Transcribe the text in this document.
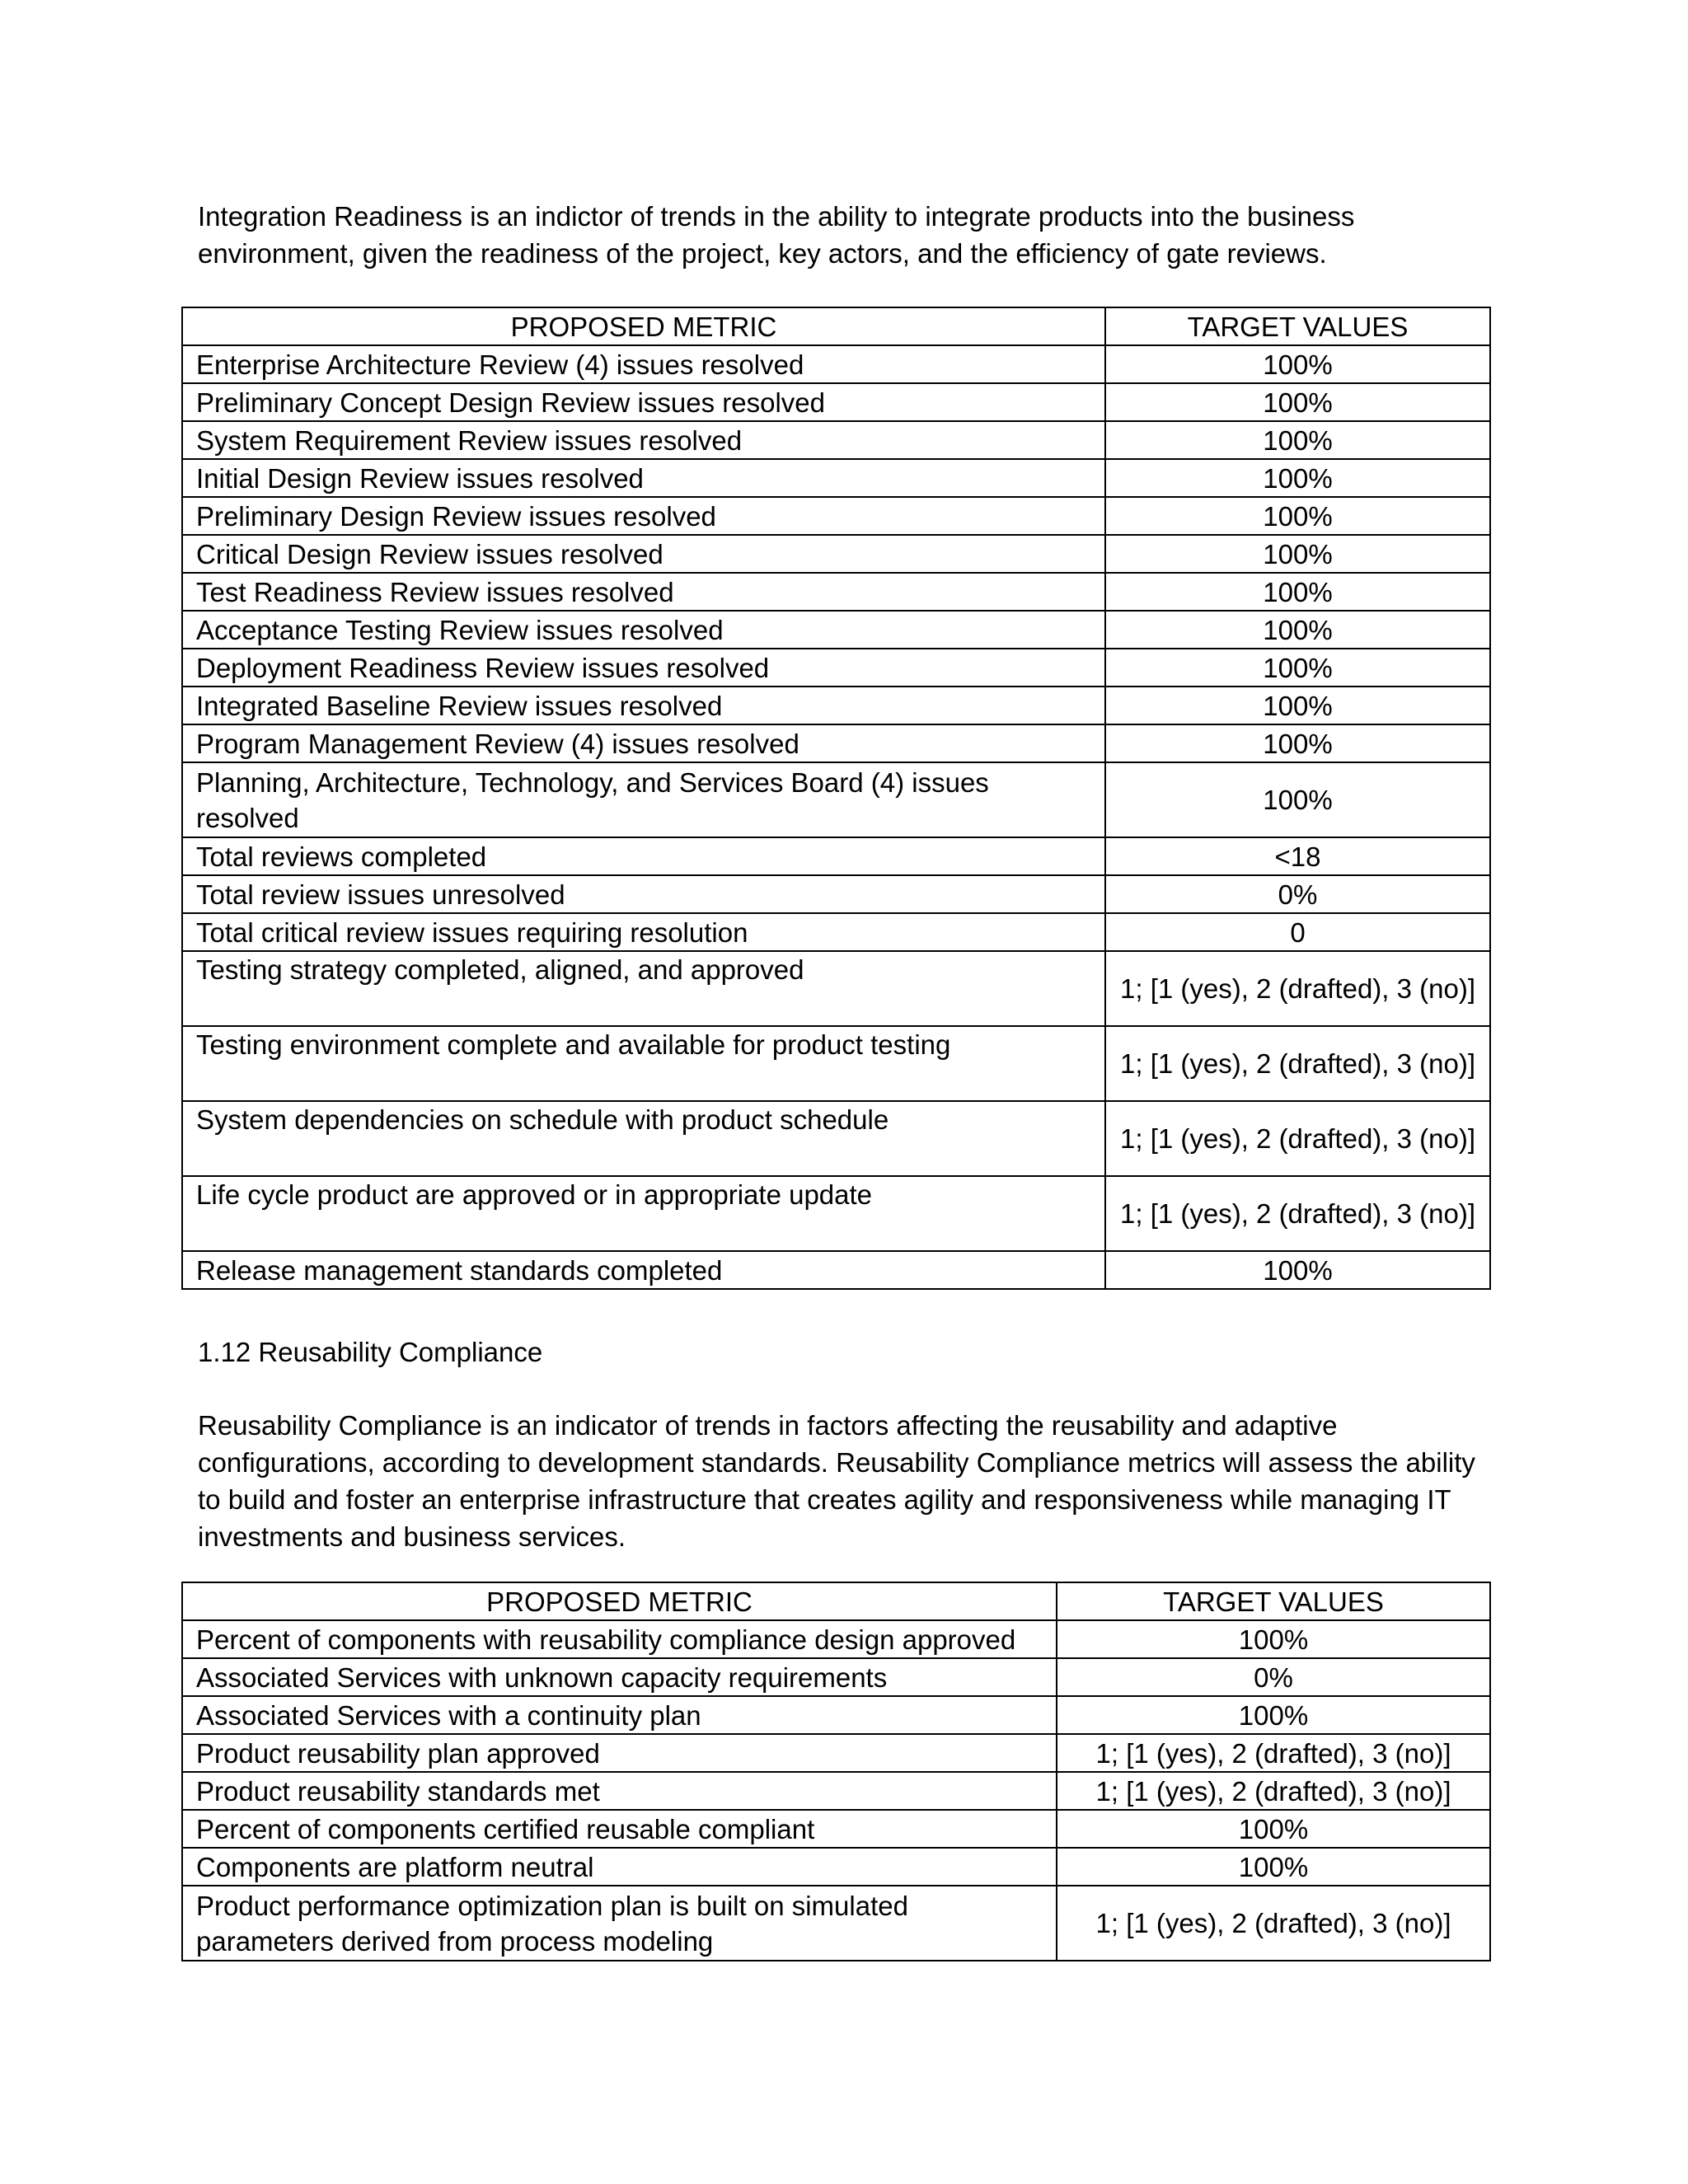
Integration Readiness is an indictor of trends in the ability to integrate products into the business environment, given the readiness of the project, key actors, and the efficiency of gate reviews.

PROPOSED METRIC	TARGET VALUES
Enterprise Architecture Review (4) issues resolved	100%
Preliminary Concept Design Review issues resolved	100%
System Requirement Review issues resolved	100%
Initial Design Review issues resolved	100%
Preliminary Design Review issues resolved	100%
Critical Design Review issues resolved	100%
Test Readiness Review issues resolved	100%
Acceptance Testing Review issues resolved	100%
Deployment Readiness Review issues resolved	100%
Integrated Baseline Review issues resolved	100%
Program Management Review (4) issues resolved	100%
Planning, Architecture, Technology, and Services Board (4) issues resolved	100%
Total reviews completed	<18
Total review issues unresolved	0%
Total critical review issues requiring resolution	0
Testing strategy completed, aligned, and approved	1; [1 (yes), 2 (drafted), 3 (no)]
Testing environment complete and available for product testing	1; [1 (yes), 2 (drafted), 3 (no)]
System dependencies on schedule with product schedule	1; [1 (yes), 2 (drafted), 3 (no)]
Life cycle product are approved or in appropriate update	1; [1 (yes), 2 (drafted), 3 (no)]
Release management standards completed	100%

1.12 Reusability Compliance

Reusability Compliance is an indicator of trends in factors affecting the reusability and adaptive configurations, according to development standards. Reusability Compliance metrics will assess the ability to build and foster an enterprise infrastructure that creates agility and responsiveness while managing IT investments and business services.

PROPOSED METRIC	TARGET VALUES
Percent of components with reusability compliance design approved	100%
Associated Services with unknown capacity requirements	0%
Associated Services with a continuity plan	100%
Product reusability plan approved	1; [1 (yes), 2 (drafted), 3 (no)]
Product reusability standards met	1; [1 (yes), 2 (drafted), 3 (no)]
Percent of components certified reusable compliant	100%
Components are platform neutral	100%
Product performance optimization plan is built on simulated parameters derived from process modeling	1; [1 (yes), 2 (drafted), 3 (no)]
